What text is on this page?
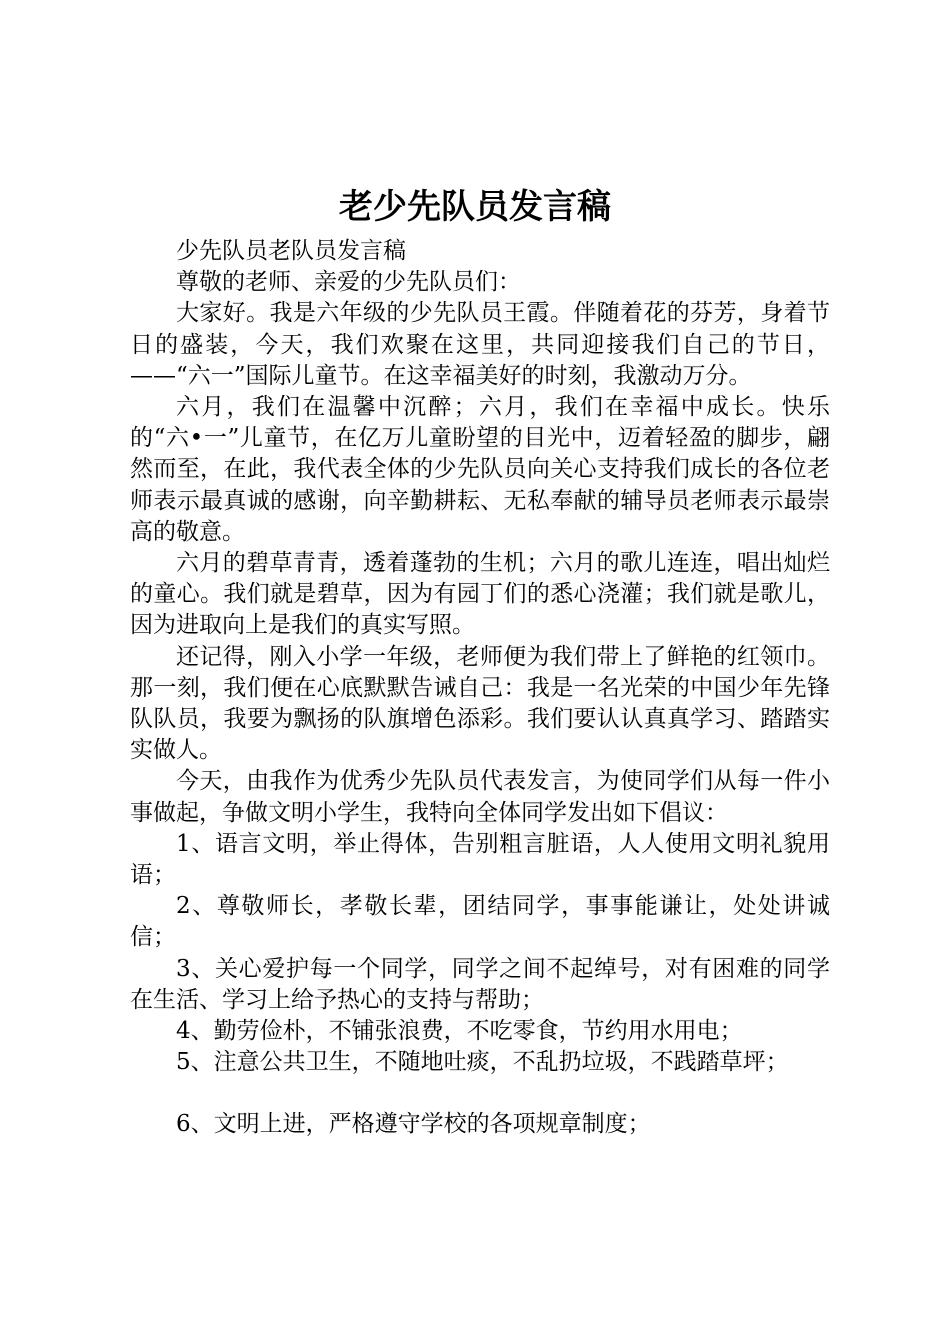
老少先队员发言稿

少先队员老队员发言稿

尊敬的老师、亲爱的少先队员们：

大家好。我是六年级的少先队员王霞。伴随着花的芬芳，身着节日的盛装，今天，我们欢聚在这里，共同迎接我们自己的节日，——“六一”国际儿童节。在这幸福美好的时刻，我激动万分。

六月，我们在温馨中沉醉；六月，我们在幸福中成长。快乐的“六•一”儿童节，在亿万儿童盼望的目光中，迈着轻盈的脚步，翩然而至，在此，我代表全体的少先队员向关心支持我们成长的各位老师表示最真诚的感谢，向辛勤耕耘、无私奉献的辅导员老师表示最崇高的敬意。

六月的碧草青青，透着蓬勃的生机；六月的歌儿连连，唱出灿烂的童心。我们就是碧草，因为有园丁们的悉心浇灌；我们就是歌儿，因为进取向上是我们的真实写照。

还记得，刚入小学一年级，老师便为我们带上了鲜艳的红领巾。那一刻，我们便在心底默默告诫自己：我是一名光荣的中国少年先锋队队员，我要为飘扬的队旗增色添彩。我们要认认真真学习、踏踏实实做人。

今天，由我作为优秀少先队员代表发言，为使同学们从每一件小事做起，争做文明小学生，我特向全体同学发出如下倡议：

1、语言文明，举止得体，告别粗言脏语，人人使用文明礼貌用语；

2、尊敬师长，孝敬长辈，团结同学，事事能谦让，处处讲诚信；

3、关心爱护每一个同学，同学之间不起绰号，对有困难的同学在生活、学习上给予热心的支持与帮助；

4、勤劳俭朴，不铺张浪费，不吃零食，节约用水用电；

5、注意公共卫生，不随地吐痰，不乱扔垃圾，不践踏草坪；

6、文明上进，严格遵守学校的各项规章制度；
